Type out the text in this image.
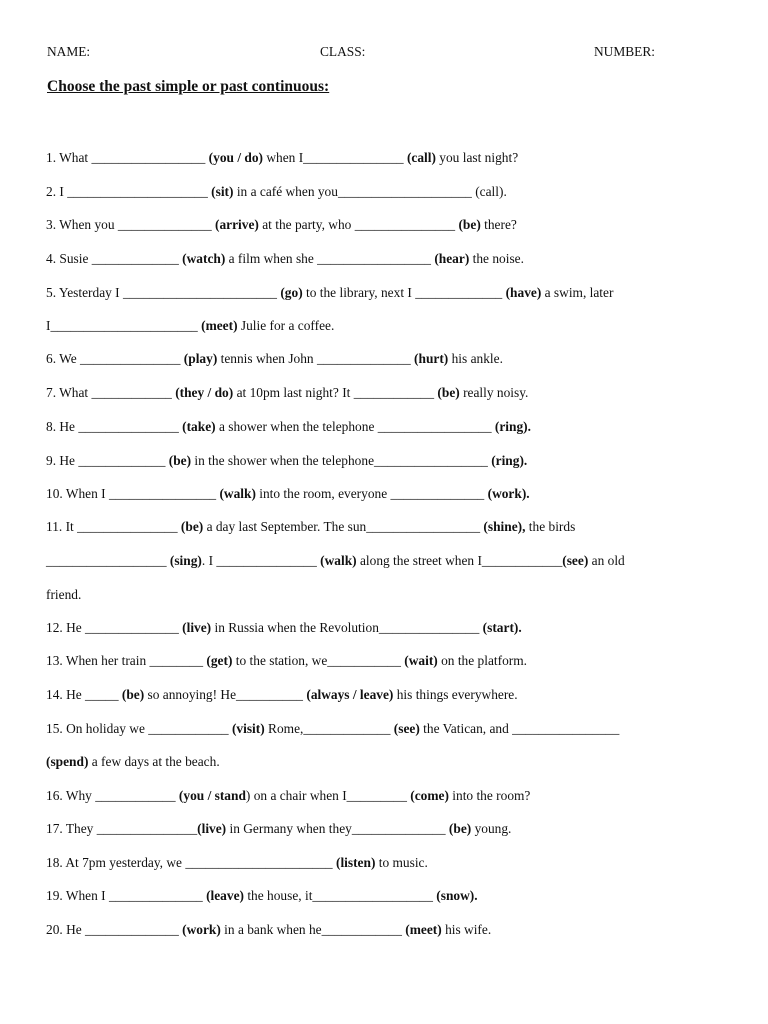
NAME:	CLASS:	NUMBER:
Choose the past simple or past continuous:
1. What _________________ (you / do) when I_______________ (call) you last night?
2. I _____________________ (sit) in a café when you____________________ (call).
3. When you ______________ (arrive) at the party, who _______________ (be) there?
4. Susie _____________ (watch) a film when she _________________ (hear) the noise.
5. Yesterday I _______________________ (go) to the library, next I _____________ (have) a swim, later
I______________________ (meet) Julie for a coffee.
6. We _______________ (play) tennis when John ______________ (hurt) his ankle.
7. What ____________ (they / do) at 10pm last night? It ____________ (be) really noisy.
8. He _______________ (take) a shower when the telephone _________________ (ring).
9. He _____________ (be) in the shower when the telephone_________________ (ring).
10. When I ________________ (walk) into the room, everyone ______________ (work).
11. It _______________ (be) a day last September. The sun_________________ (shine), the birds
__________________ (sing). I _______________ (walk) along the street when I____________(see) an old
friend.
12. He ______________ (live) in Russia when the Revolution_______________ (start).
13. When her train ________ (get) to the station, we___________ (wait) on the platform.
14. He _____ (be) so annoying! He__________ (always / leave) his things everywhere.
15. On holiday we ____________ (visit) Rome,_____________ (see) the Vatican, and ________________
(spend) a few days at the beach.
16. Why ____________ (you / stand) on a chair when I_________ (come) into the room?
17. They _______________(live) in Germany when they______________ (be) young.
18. At 7pm yesterday, we ______________________ (listen) to music.
19. When I ______________ (leave) the house, it__________________ (snow).
20. He ______________ (work) in a bank when he____________ (meet) his wife.
